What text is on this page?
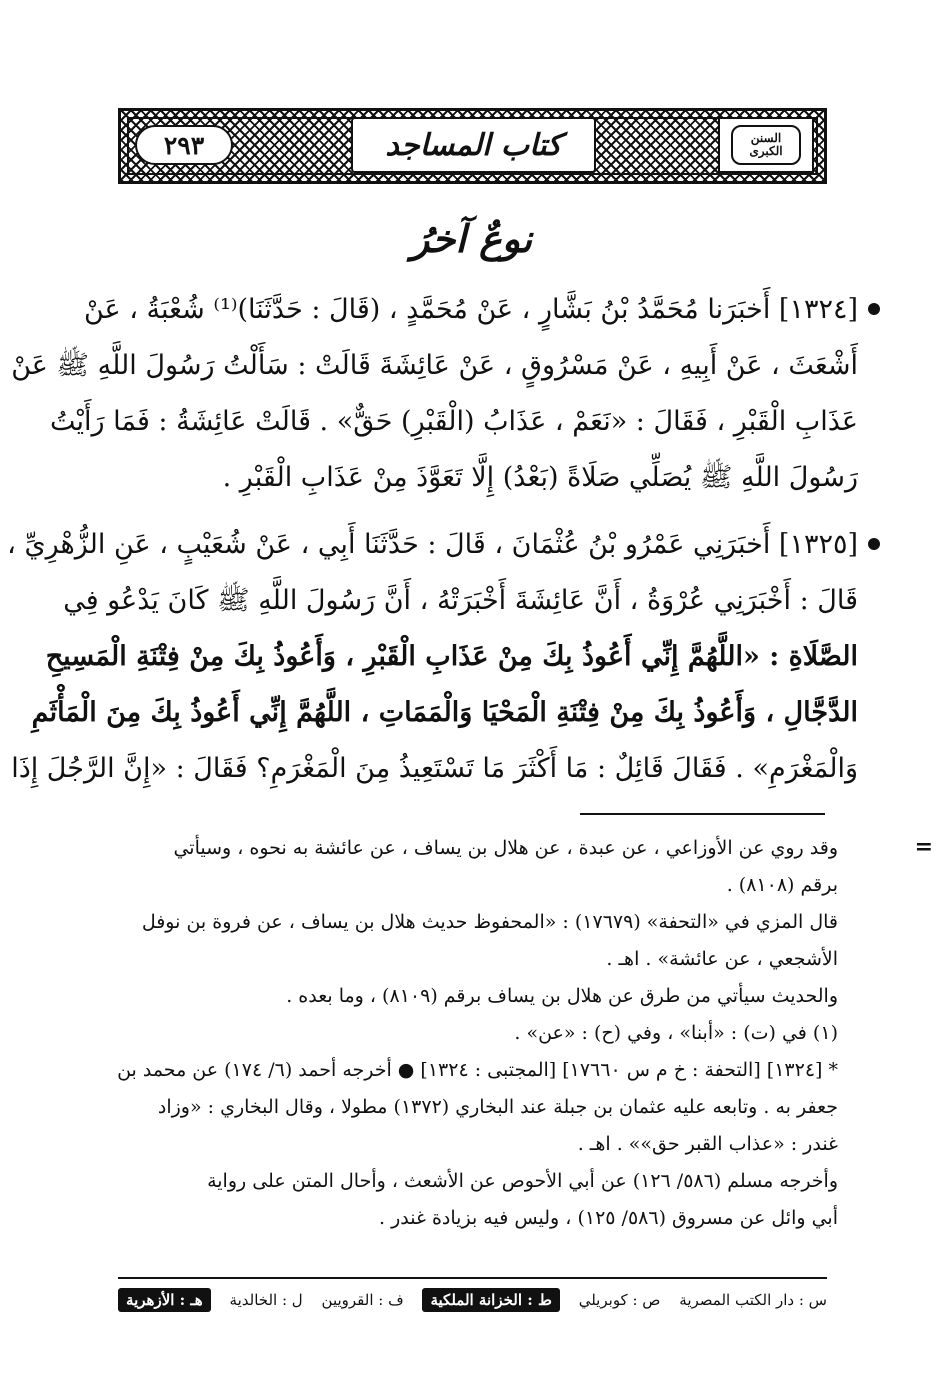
السنن الكبرى
كتاب المساجد
٢٩٣
نوعٌ آخرُ
[١٣٢٤] أَخبَرَنا مُحَمَّدُ بْنُ بَشَّارٍ ، عَنْ مُحَمَّدٍ ، (قَالَ : حَدَّثَنَا)⁽¹⁾ شُعْبَةُ ، عَنْ
أَشْعَثَ ، عَنْ أَبِيهِ ، عَنْ مَسْرُوقٍ ، عَنْ عَائِشَةَ قَالَتْ : سَأَلْتُ رَسُولَ اللَّهِ ﷺ عَنْ
عَذَابِ الْقَبْرِ ، فَقَالَ : «نَعَمْ ، عَذَابُ (الْقَبْرِ) حَقٌّ» . قَالَتْ عَائِشَةُ : فَمَا رَأَيْتُ
رَسُولَ اللَّهِ ﷺ يُصَلِّي صَلَاةً (بَعْدُ) إِلَّا تَعَوَّذَ مِنْ عَذَابِ الْقَبْرِ .
[١٣٢٥] أَخبَرَنِي عَمْرُو بْنُ عُثْمَانَ ، قَالَ : حَدَّثَنَا أَبِي ، عَنْ شُعَيْبٍ ، عَنِ الزُّهْرِيِّ ،
قَالَ : أَخْبَرَنِي عُرْوَةُ ، أَنَّ عَائِشَةَ أَخْبَرَتْهُ ، أَنَّ رَسُولَ اللَّهِ ﷺ كَانَ يَدْعُو فِي
الصَّلَاةِ : «اللَّهُمَّ إِنِّي أَعُوذُ بِكَ مِنْ عَذَابِ الْقَبْرِ ، وَأَعُوذُ بِكَ مِنْ فِتْنَةِ الْمَسِيحِ
الدَّجَّالِ ، وَأَعُوذُ بِكَ مِنْ فِتْنَةِ الْمَحْيَا وَالْمَمَاتِ ، اللَّهُمَّ إِنِّي أَعُوذُ بِكَ مِنَ الْمَأْثَمِ
وَالْمَغْرَمِ» . فَقَالَ قَائِلٌ : مَا أَكْثَرَ مَا تَسْتَعِيذُ مِنَ الْمَغْرَمِ؟ فَقَالَ : «إِنَّ الرَّجُلَ إِذَا
=
وقد روي عن الأوزاعي ، عن عبدة ، عن هلال بن يساف ، عن عائشة به نحوه ، وسيأتي
برقم (٨١٠٨) .
قال المزي في «التحفة» (١٧٦٧٩) : «المحفوظ حديث هلال بن يساف ، عن فروة بن نوفل
الأشجعي ، عن عائشة» . اهـ .
والحديث سيأتي من طرق عن هلال بن يساف برقم (٨١٠٩) ، وما بعده .
(١) في (ت) : «أبنا» ، وفي (ح) : «عن» .
* [١٣٢٤] [التحفة : خ م س ١٧٦٦٠] [المجتبى : ١٣٢٤] ● أخرجه أحمد (٦/ ١٧٤) عن محمد بن
جعفر به . وتابعه عليه عثمان بن جبلة عند البخاري (١٣٧٢) مطولا ، وقال البخاري : «وزاد
غندر : «عذاب القبر حق»» . اهـ .
وأخرجه مسلم (٥٨٦/ ١٢٦) عن أبي الأحوص عن الأشعث ، وأحال المتن على رواية
أبي وائل عن مسروق (٥٨٦/ ١٢٥) ، وليس فيه بزيادة غندر .
س : دار الكتب المصرية
ص : كوبريلي
ط : الخزانة الملكية
ف : القرويين
ل : الخالدية
هـ : الأزهرية
